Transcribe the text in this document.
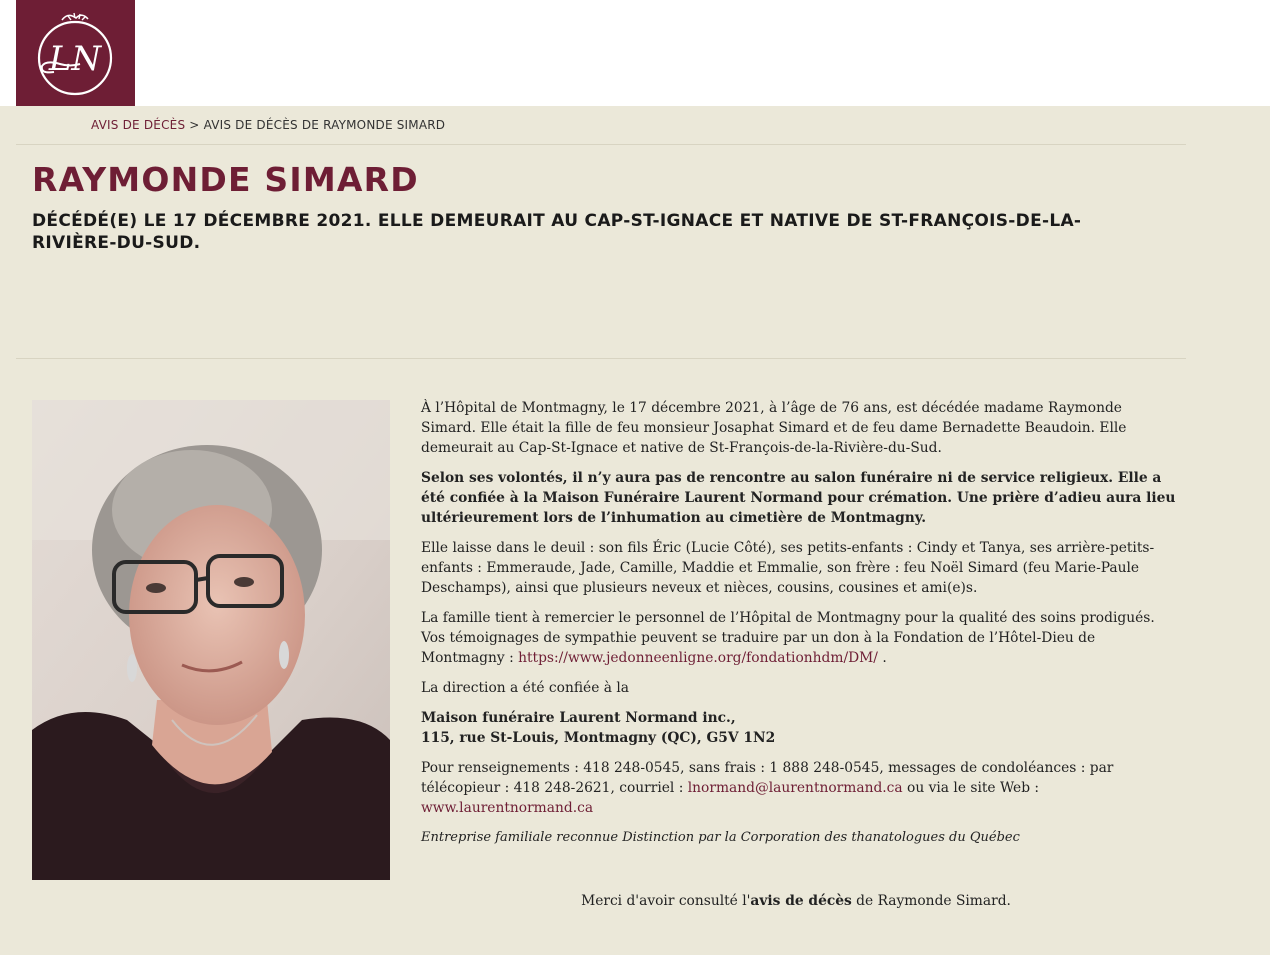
LN
AVIS DE DÉCÈS > AVIS DE DÉCÈS DE RAYMONDE SIMARD
RAYMONDE SIMARD
DÉCÉDÉ(E) LE 17 DÉCEMBRE 2021. ELLE DEMEURAIT AU CAP-ST-IGNACE ET NATIVE DE ST-FRANÇOIS-DE-LA-RIVIÈRE-DU-SUD.

À l’Hôpital de Montmagny, le 17 décembre 2021, à l’âge de 76 ans, est décédée madame Raymonde Simard. Elle était la fille de feu monsieur Josaphat Simard et de feu dame Bernadette Beaudoin. Elle demeurait au Cap-St-Ignace et native de St-François-de-la-Rivière-du-Sud.

Selon ses volontés, il n’y aura pas de rencontre au salon funéraire ni de service religieux. Elle a été confiée à la Maison Funéraire Laurent Normand pour crémation. Une prière d’adieu aura lieu ultérieurement lors de l’inhumation au cimetière de Montmagny.

Elle laisse dans le deuil : son fils Éric (Lucie Côté), ses petits-enfants : Cindy et Tanya, ses arrière-petits-enfants : Emmeraude, Jade, Camille, Maddie et Emmalie, son frère : feu Noël Simard (feu Marie-Paule Deschamps), ainsi que plusieurs neveux et nièces, cousins, cousines et ami(e)s.

La famille tient à remercier le personnel de l’Hôpital de Montmagny pour la qualité des soins prodigués. Vos témoignages de sympathie peuvent se traduire par un don à la Fondation de l’Hôtel-Dieu de Montmagny : https://www.jedonneenligne.org/fondationhdm/DM/ .

La direction a été confiée à la

Maison funéraire Laurent Normand inc.,
115, rue St-Louis, Montmagny (QC), G5V 1N2

Pour renseignements : 418 248-0545, sans frais : 1 888 248-0545, messages de condoléances : par télécopieur : 418 248-2621, courriel : lnormand@laurentnormand.ca ou via le site Web : www.laurentnormand.ca

Entreprise familiale reconnue Distinction par la Corporation des thanatologues du Québec

Merci d'avoir consulté l'avis de décès de Raymonde Simard.
